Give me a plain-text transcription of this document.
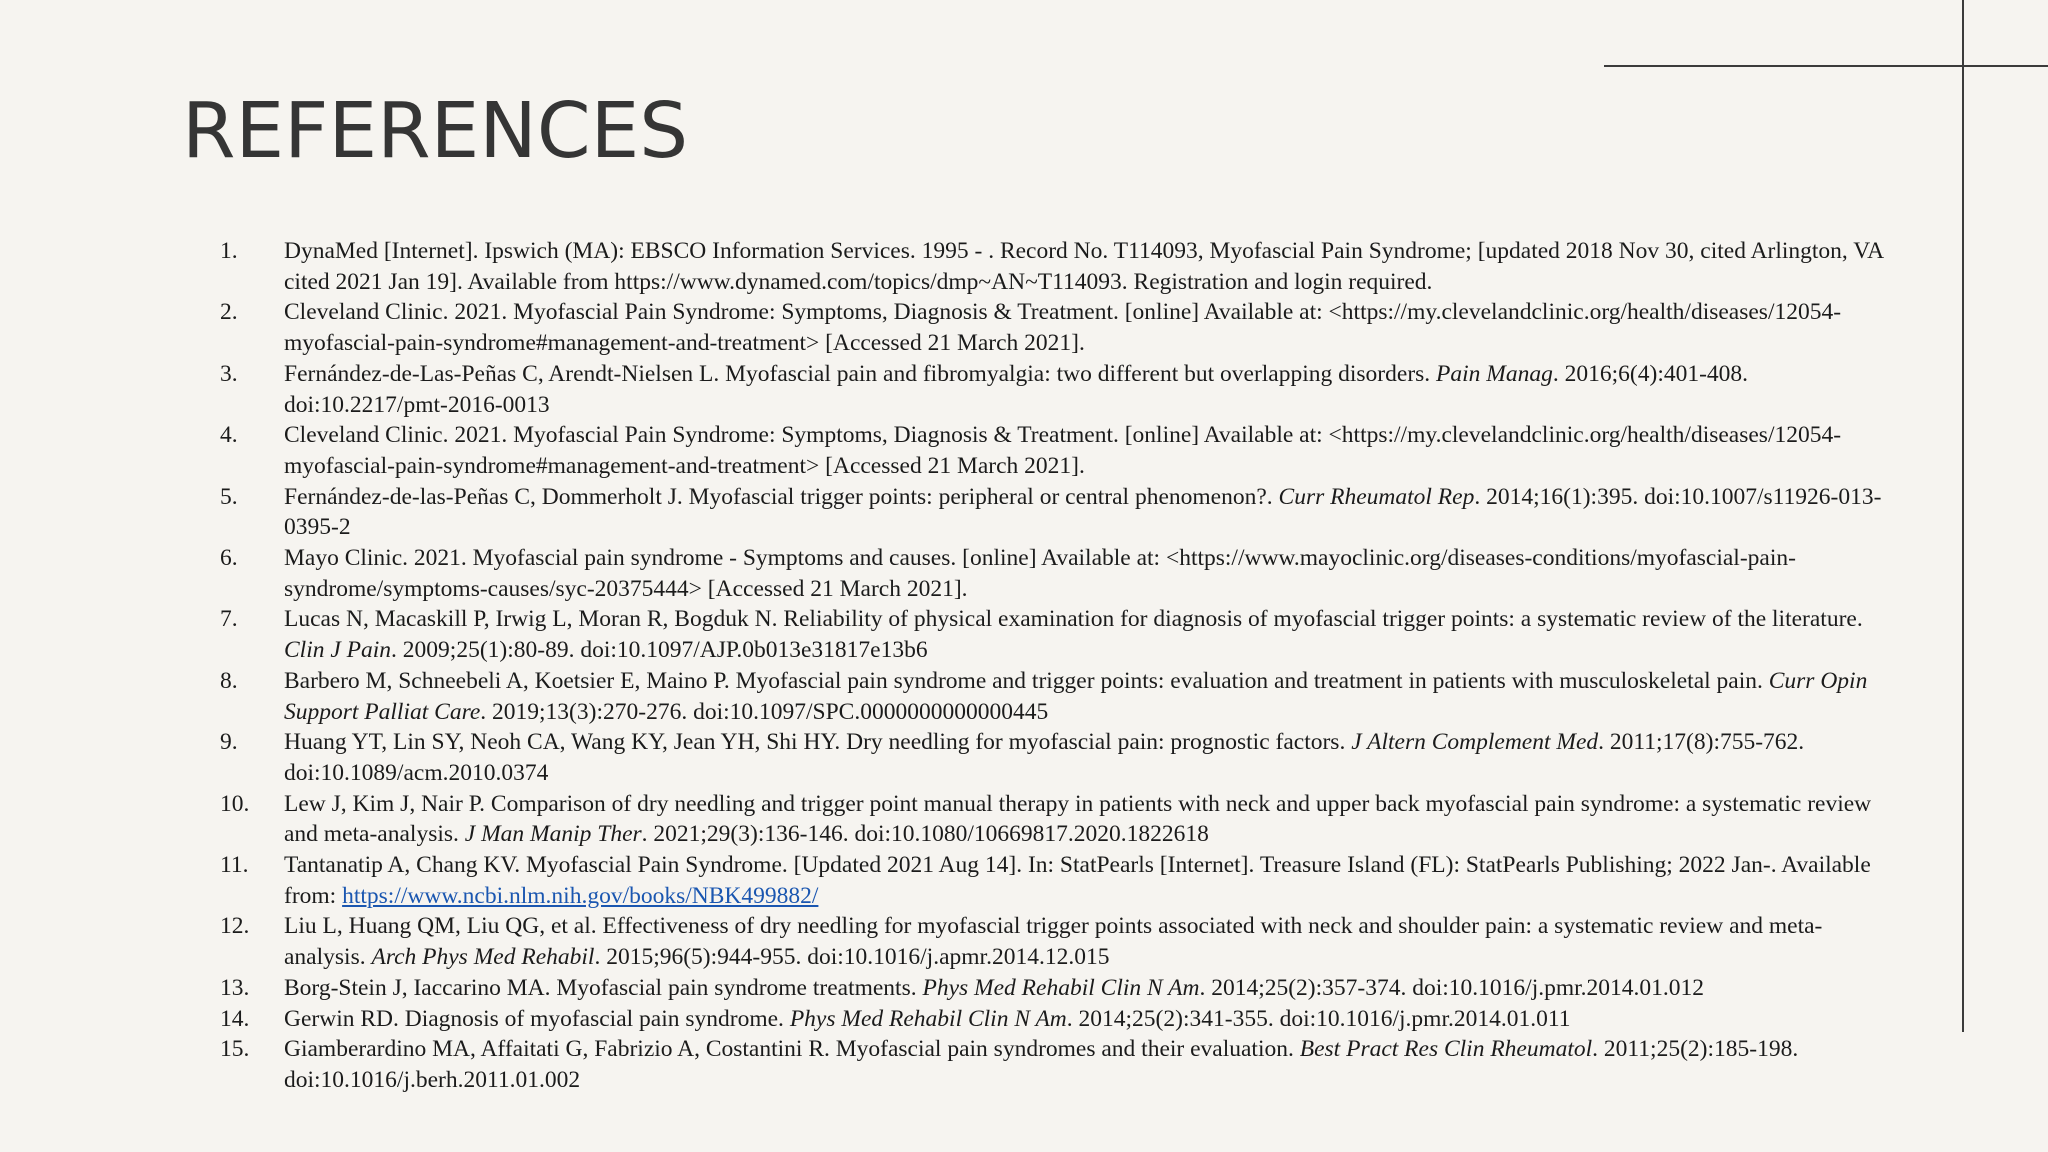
REFERENCES
1.	DynaMed [Internet]. Ipswich (MA): EBSCO Information Services. 1995 - . Record No. T114093, Myofascial Pain Syndrome; [updated 2018 Nov 30, cited Arlington, VA cited 2021 Jan 19]. Available from https://www.dynamed.com/topics/dmp~AN~T114093. Registration and login required.
2.	Cleveland Clinic. 2021. Myofascial Pain Syndrome: Symptoms, Diagnosis & Treatment. [online] Available at: <https://my.clevelandclinic.org/health/diseases/12054-myofascial-pain-syndrome#management-and-treatment> [Accessed 21 March 2021].
3.	Fernández-de-Las-Peñas C, Arendt-Nielsen L. Myofascial pain and fibromyalgia: two different but overlapping disorders. Pain Manag. 2016;6(4):401-408. doi:10.2217/pmt-2016-0013
4.	Cleveland Clinic. 2021. Myofascial Pain Syndrome: Symptoms, Diagnosis & Treatment. [online] Available at: <https://my.clevelandclinic.org/health/diseases/12054-myofascial-pain-syndrome#management-and-treatment> [Accessed 21 March 2021].
5.	Fernández-de-las-Peñas C, Dommerholt J. Myofascial trigger points: peripheral or central phenomenon?. Curr Rheumatol Rep. 2014;16(1):395. doi:10.1007/s11926-013-0395-2
6.	Mayo Clinic. 2021. Myofascial pain syndrome - Symptoms and causes. [online] Available at: <https://www.mayoclinic.org/diseases-conditions/myofascial-pain-syndrome/symptoms-causes/syc-20375444> [Accessed 21 March 2021].
7.	Lucas N, Macaskill P, Irwig L, Moran R, Bogduk N. Reliability of physical examination for diagnosis of myofascial trigger points: a systematic review of the literature. Clin J Pain. 2009;25(1):80-89. doi:10.1097/AJP.0b013e31817e13b6
8.	Barbero M, Schneebeli A, Koetsier E, Maino P. Myofascial pain syndrome and trigger points: evaluation and treatment in patients with musculoskeletal pain. Curr Opin Support Palliat Care. 2019;13(3):270-276. doi:10.1097/SPC.0000000000000445
9.	Huang YT, Lin SY, Neoh CA, Wang KY, Jean YH, Shi HY. Dry needling for myofascial pain: prognostic factors. J Altern Complement Med. 2011;17(8):755-762. doi:10.1089/acm.2010.0374
10.	Lew J, Kim J, Nair P. Comparison of dry needling and trigger point manual therapy in patients with neck and upper back myofascial pain syndrome: a systematic review and meta-analysis. J Man Manip Ther. 2021;29(3):136-146. doi:10.1080/10669817.2020.1822618
11.	Tantanatip A, Chang KV. Myofascial Pain Syndrome. [Updated 2021 Aug 14]. In: StatPearls [Internet]. Treasure Island (FL): StatPearls Publishing; 2022 Jan-. Available from: https://www.ncbi.nlm.nih.gov/books/NBK499882/
12.	Liu L, Huang QM, Liu QG, et al. Effectiveness of dry needling for myofascial trigger points associated with neck and shoulder pain: a systematic review and meta-analysis. Arch Phys Med Rehabil. 2015;96(5):944-955. doi:10.1016/j.apmr.2014.12.015
13.	Borg-Stein J, Iaccarino MA. Myofascial pain syndrome treatments. Phys Med Rehabil Clin N Am. 2014;25(2):357-374. doi:10.1016/j.pmr.2014.01.012
14.	Gerwin RD. Diagnosis of myofascial pain syndrome. Phys Med Rehabil Clin N Am. 2014;25(2):341-355. doi:10.1016/j.pmr.2014.01.011
15.	Giamberardino MA, Affaitati G, Fabrizio A, Costantini R. Myofascial pain syndromes and their evaluation. Best Pract Res Clin Rheumatol. 2011;25(2):185-198. doi:10.1016/j.berh.2011.01.002
